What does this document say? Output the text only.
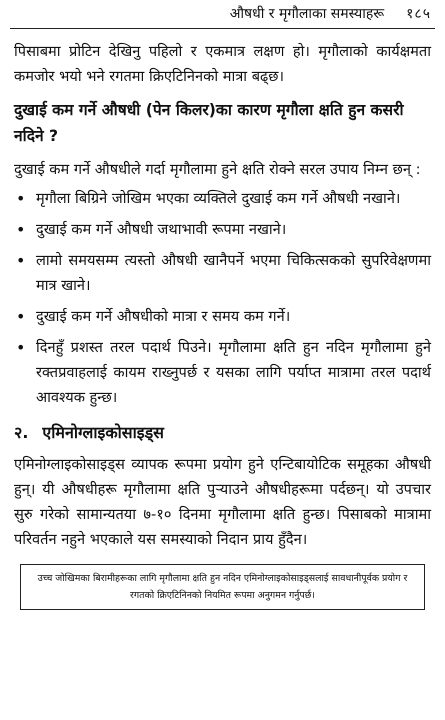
औषधी र मृगौलाका समस्याहरू १८५

पिसाबमा प्रोटिन देखिनु पहिलो र एकमात्र लक्षण हो। मृगौलाको कार्यक्षमता कमजोर भयो भने रगतमा क्रिएटिनिनको मात्रा बढ्छ।

दुखाई कम गर्ने औषधी (पेन किलर)का कारण मृगौला क्षति हुन कसरी नदिने ?

दुखाई कम गर्ने औषधीले गर्दा मृगौलामा हुने क्षति रोक्ने सरल उपाय निम्न छन् :

• मृगौला बिग्रिने जोखिम भएका व्यक्तिले दुखाई कम गर्ने औषधी नखाने।
• दुखाई कम गर्ने औषधी जथाभावी रूपमा नखाने।
• लामो समयसम्म त्यस्तो औषधी खानैपर्ने भएमा चिकित्सकको सुपरिवेक्षणमा मात्र खाने।
• दुखाई कम गर्ने औषधीको मात्रा र समय कम गर्ने।
• दिनहुँ प्रशस्त तरल पदार्थ पिउने। मृगौलामा क्षति हुन नदिन मृगौलामा हुने रक्तप्रवाहलाई कायम राख्नुपर्छ र यसका लागि पर्याप्त मात्रामा तरल पदार्थ आवश्यक हुन्छ।
२. एमिनोग्लाइकोसाइड्स

एमिनोग्लाइकोसाइड्स व्यापक रूपमा प्रयोग हुने एन्टिबायोटिक समूहका औषधी हुन्। यी औषधीहरू मृगौलामा क्षति पुऱ्याउने औषधीहरूमा पर्दछन्। यो उपचार सुरु गरेको सामान्यतया ७-१० दिनमा मृगौलामा क्षति हुन्छ। पिसाबको मात्रामा परिवर्तन नहुने भएकाले यस समस्याको निदान प्राय हुँदैन।

उच्च जोखिमका बिरामीहरूका लागि मृगौलामा क्षति हुन नदिन एमिनोग्लाइकोसाइड्सलाई सावधानीपूर्वक प्रयोग र रगतको क्रिएटिनिनको नियमित रूपमा अनुगमन गर्नुपर्छ।
